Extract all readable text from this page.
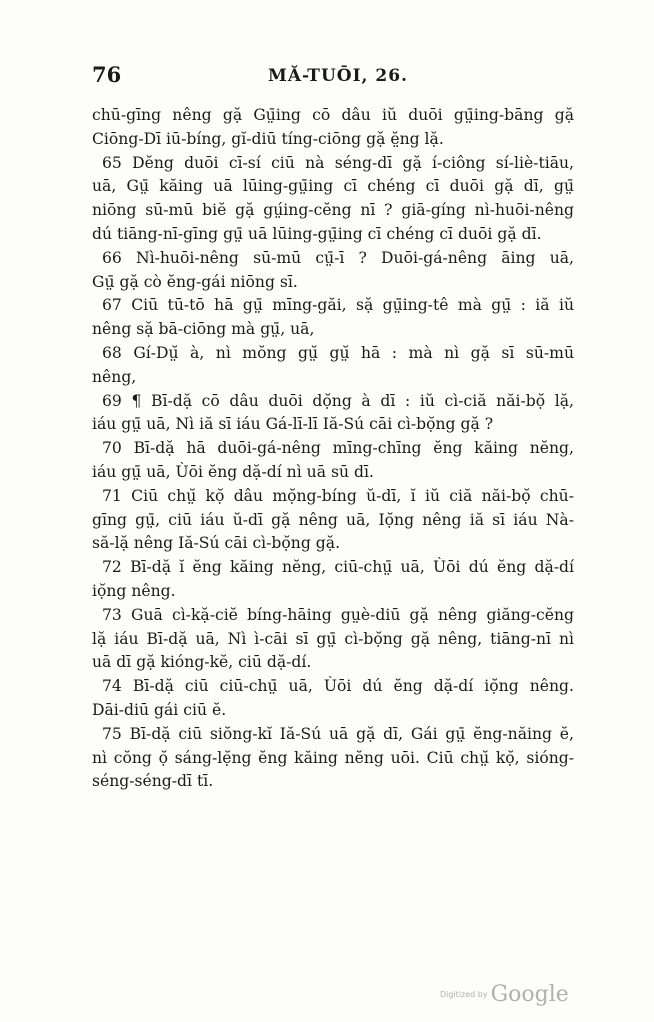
76	MĂ-TUŌI, 26.
chū-gīng nêng gặ Gṳ̄ing cō dâu iŭ duōi gṳ̄ing-bāng gặ
Ciōng-Dī iū-bíng, gĭ-diū tíng-ciōng gặ ĕ̤ng lặ.
65 Dĕng duōi cī-sí ciū nà séng-dī gặ í-ciông sí-liè-tiāu,
uā, Gṳ̄ kăing uā lūing-gṳ̄ing cī chéng cī duōi gặ dī, gṳ̄
niōng sū-mū biĕ gặ gṳ́ing-cĕng nī ? giā-gíng nì-huōi-nêng
dú tiāng-nī-gīng gṳ̄ uā lūing-gṳ̄ing cī chéng cī duōi gặ dī.
66 Nì-huōi-nêng sū-mū cṳ̄-ī ? Duōi-gá-nêng āing uā,
Gṳ̄ gặ cò ĕng-gái niōng sī.
67 Ciū tū-tō hā gṳ̄ mīng-găi, sặ gṳ̄ing-tê mà gṳ̄ : iă iŭ
nêng sặ bā-ciōng mà gṳ̄, uā,
68 Gí-Dṳ̆ à, nì mŏng gṳ̆ gṳ̆ hā : mà nì gặ sī sū-mū
nêng,
69 ¶ Bī-dặ cō dâu duōi dọ̆ng à dī : iŭ cì-ciă năi-bọ̆ lặ,
iáu gṳ̄ uā, Nì iă sī iáu Gá-lī-lī Iă-Sú cāi cì-bọ̆ng gặ ?
70 Bī-dặ hā duōi-gá-nêng mīng-chīng ĕng kăing nĕng,
iáu gṳ̄ uā, Ùōi ĕng dặ-dí nì uā sū dī.
71 Ciū chṳ̆ kọ̆ dâu mọ̆ng-bíng ŭ-dī, ĭ iŭ ciă năi-bọ̆ chū-
gīng gṳ̄, ciū iáu ŭ-dī gặ nêng uā, Iọ̆ng nêng iă sī iáu Nà-
să-lặ nêng Iă-Sú cāi cì-bọ̆ng gặ.
72 Bī-dặ ĭ ĕng kăing nĕng, ciū-chṳ̄ uā, Ùōi dú ĕng dặ-dí
iọ̆ng nêng.
73 Guā cì-kặ-ciĕ bíng-hāing gṳè-diū gặ nêng giăng-cĕng
lặ iáu Bī-dặ uā, Nì ì-cāi sī gṳ̄ cì-bọ̆ng gặ nêng, tiāng-nī nì
uā dī gặ kióng-kĕ, ciū dặ-dí.
74 Bī-dặ ciū ciū-chṳ̄ uā, Ùōi dú ĕng dặ-dí iọ̆ng nêng.
Dāi-diū gái ciū ĕ.
75 Bī-dặ ciū siŏng-kĭ Iă-Sú uā gặ dī, Gái gṳ̄ ĕng-năing ĕ,
nì cŏng ọ̆ sáng-lẹ̆ng ĕng kăing nĕng uōi. Ciū chṳ̆ kọ̆, sióng-
séng-séng-dī tī.
$^{Digitized by}$ Google
